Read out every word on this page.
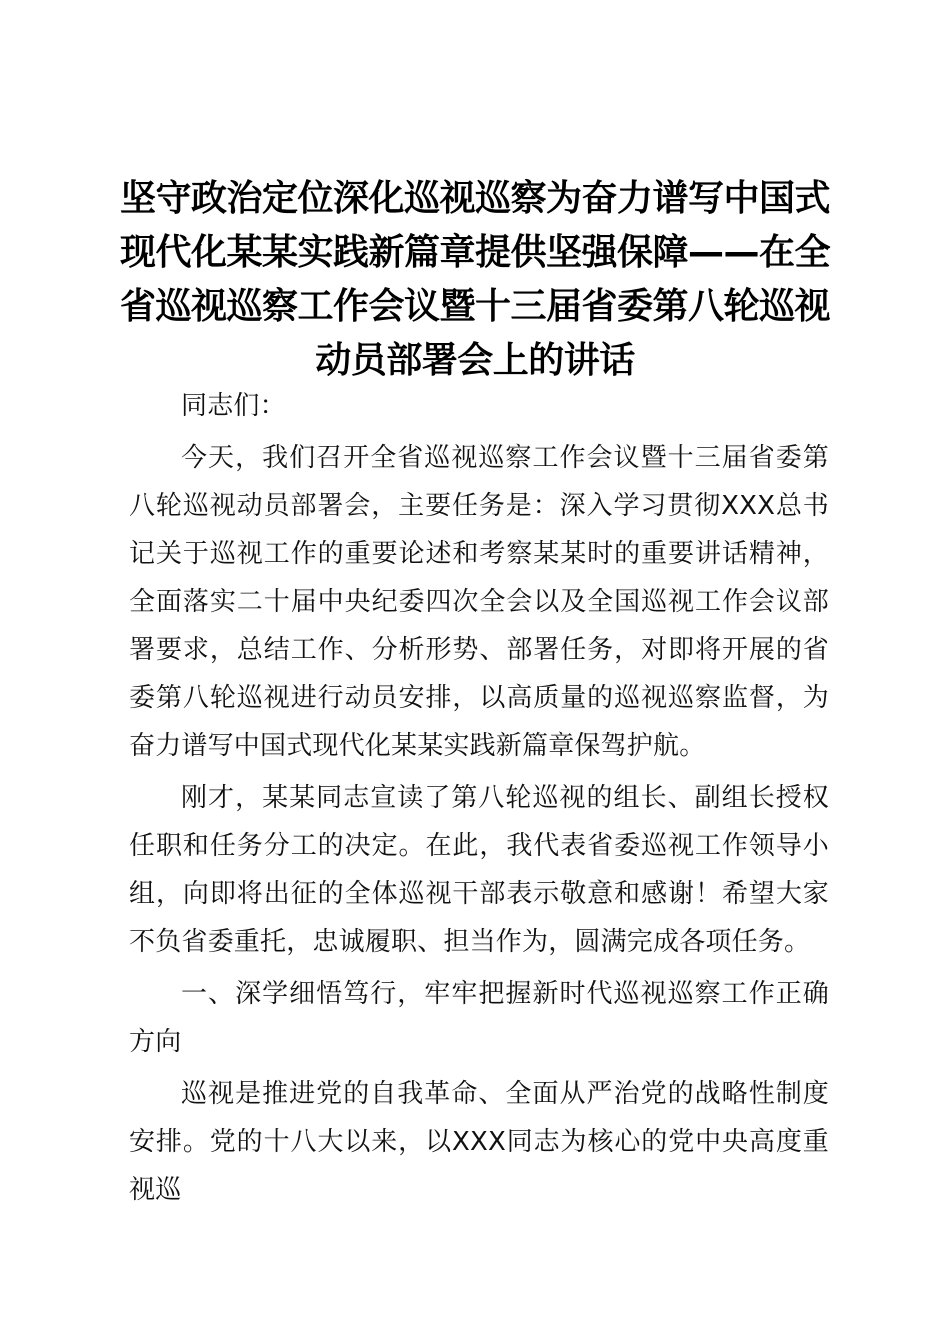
坚守政治定位深化巡视巡察为奋力谱写中国式现代化某某实践新篇章提供坚强保障——在全省巡视巡察工作会议暨十三届省委第八轮巡视动员部署会上的讲话

同志们：

今天，我们召开全省巡视巡察工作会议暨十三届省委第八轮巡视动员部署会，主要任务是：深入学习贯彻XXX总书记关于巡视工作的重要论述和考察某某时的重要讲话精神，全面落实二十届中央纪委四次全会以及全国巡视工作会议部署要求，总结工作、分析形势、部署任务，对即将开展的省委第八轮巡视进行动员安排，以高质量的巡视巡察监督，为奋力谱写中国式现代化某某实践新篇章保驾护航。

刚才，某某同志宣读了第八轮巡视的组长、副组长授权任职和任务分工的决定。在此，我代表省委巡视工作领导小组，向即将出征的全体巡视干部表示敬意和感谢！希望大家不负省委重托，忠诚履职、担当作为，圆满完成各项任务。

一、深学细悟笃行，牢牢把握新时代巡视巡察工作正确方向

巡视是推进党的自我革命、全面从严治党的战略性制度安排。党的十八大以来，以XXX同志为核心的党中央高度重视巡
